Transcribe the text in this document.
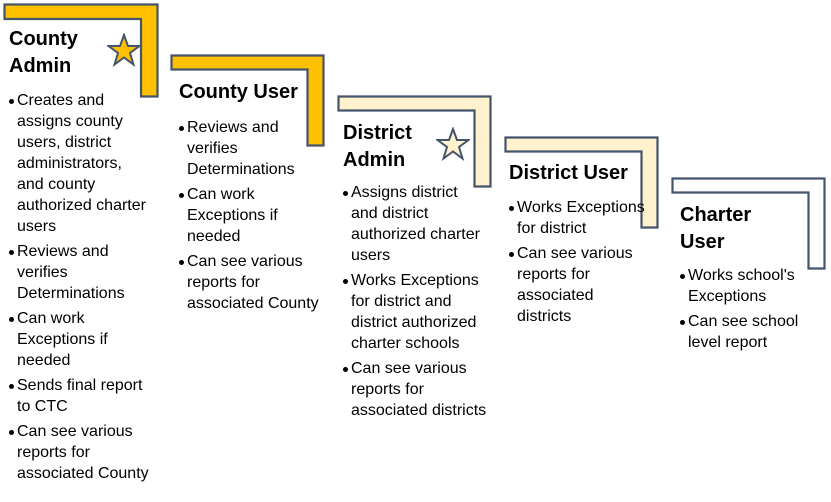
County
Admin
Creates and assigns county users, district administrators, and county authorized charter users
Reviews and verifies Determinations
Can work Exceptions if needed
Sends final report to CTC
Can see various reports for associated County
County User
Reviews and verifies Determinations
Can work Exceptions if needed
Can see various reports for associated County
District
Admin
Assigns district and district authorized charter users
Works Exceptions for district and district authorized charter schools
Can see various reports for associated districts
District User
Works Exceptions for district
Can see various reports for associated districts
Charter
User
Works school's Exceptions
Can see school level report
